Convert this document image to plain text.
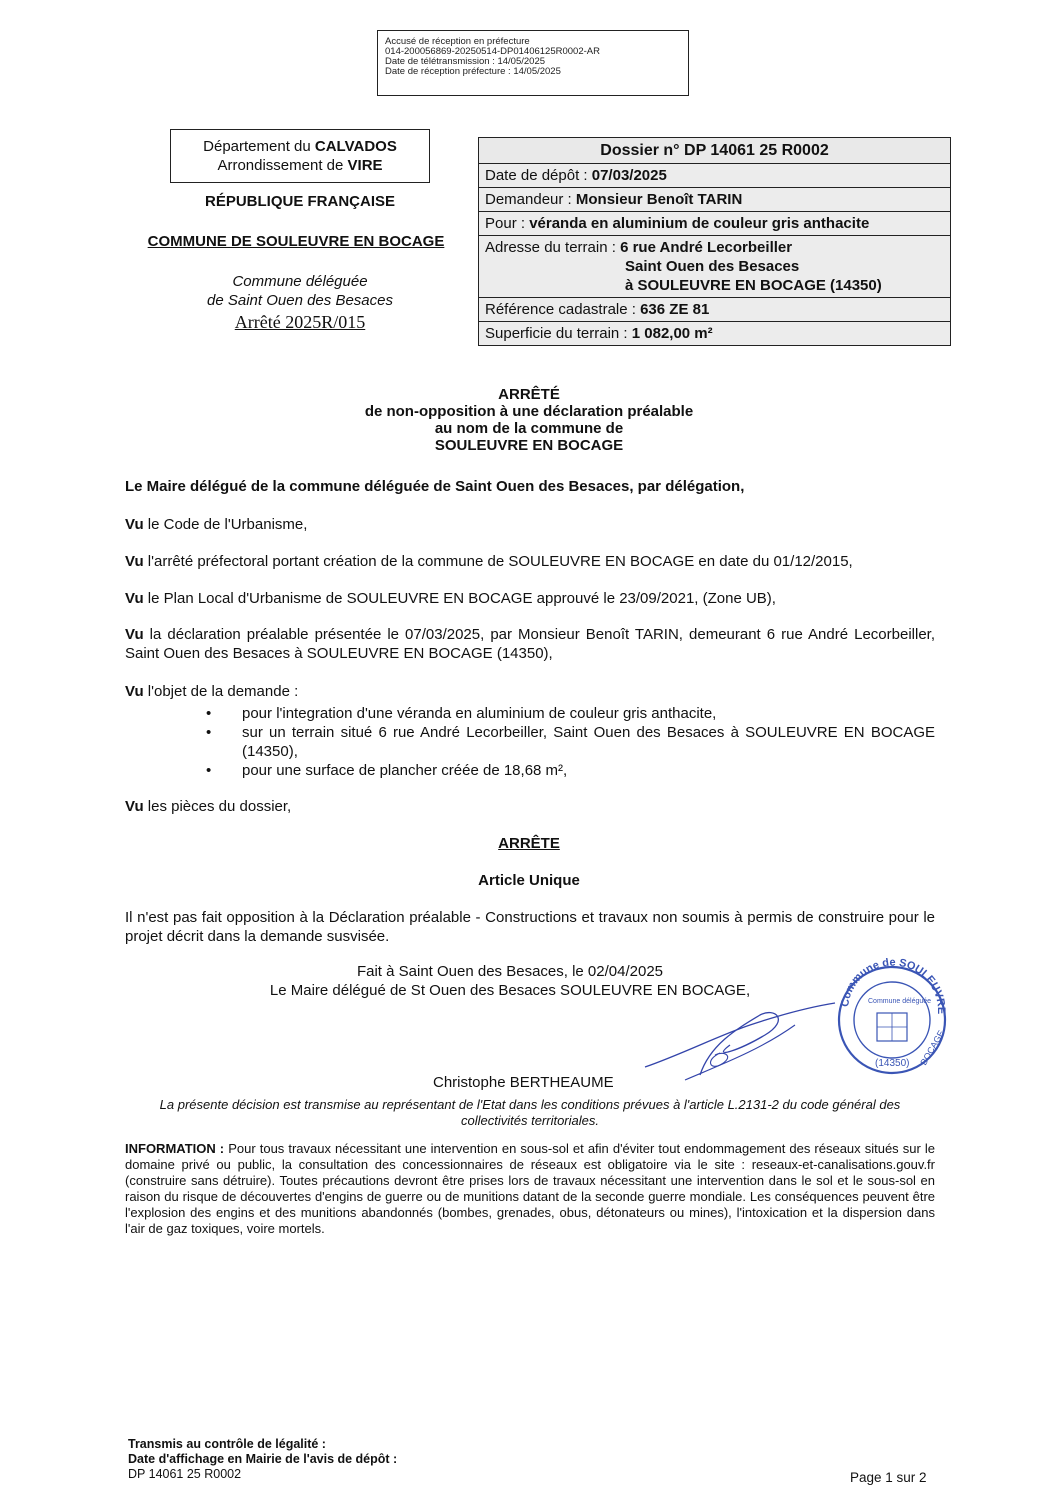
Accusé de réception en préfecture
014-200056869-20250514-DP01406125R0002-AR
Date de télétransmission : 14/05/2025
Date de réception préfecture : 14/05/2025
Département du CALVADOS
Arrondissement de VIRE
RÉPUBLIQUE FRANÇAISE
COMMUNE DE SOULEUVRE EN BOCAGE
Commune déléguée
de Saint Ouen des Besaces
Arrêté 2025R/015
Dossier n° DP 14061 25 R0002
Date de dépôt : 07/03/2025
Demandeur : Monsieur Benoît TARIN
Pour : véranda en aluminium de couleur gris anthacite
Adresse du terrain : 6 rue André Lecorbeiller
Saint Ouen des Besaces
à SOULEUVRE EN BOCAGE (14350)
Référence cadastrale : 636 ZE 81
Superficie du terrain : 1 082,00 m²
ARRÊTÉ
de non-opposition à une déclaration préalable
au nom de la commune de
SOULEUVRE EN BOCAGE
Le Maire délégué de la commune déléguée de Saint Ouen des Besaces, par délégation,
Vu le Code de l'Urbanisme,
Vu l'arrêté préfectoral portant création de la commune de SOULEUVRE EN BOCAGE en date du 01/12/2015,
Vu le Plan Local d'Urbanisme de SOULEUVRE EN BOCAGE approuvé le 23/09/2021, (Zone UB),
Vu la déclaration préalable présentée le 07/03/2025, par Monsieur Benoît TARIN, demeurant 6 rue André Lecorbeiller, Saint Ouen des Besaces à SOULEUVRE EN BOCAGE (14350),
Vu l'objet de la demande :
• pour l'integration d'une véranda en aluminium de couleur gris anthacite,
• sur un terrain situé 6 rue André Lecorbeiller, Saint Ouen des Besaces à SOULEUVRE EN BOCAGE (14350),
• pour une surface de plancher créée de 18,68 m²,
Vu les pièces du dossier,
ARRÊTE
Article Unique
Il n'est pas fait opposition à la Déclaration préalable - Constructions et travaux non soumis à permis de construire pour le projet décrit dans la demande susvisée.
Fait à Saint Ouen des Besaces, le 02/04/2025
Le Maire délégué de St Ouen des Besaces SOULEUVRE EN BOCAGE,
Christophe BERTHEAUME
Commune de SOULEUVRE
BOCAGE
Commune déléguée
(14350)
La présente décision est transmise au représentant de l'Etat dans les conditions prévues à l'article L.2131-2 du code général des collectivités territoriales.
INFORMATION : Pour tous travaux nécessitant une intervention en sous-sol et afin d'éviter tout endommagement des réseaux situés sur le domaine privé ou public, la consultation des concessionnaires de réseaux est obligatoire via le site : reseaux-et-canalisations.gouv.fr (construire sans détruire). Toutes précautions devront être prises lors de travaux nécessitant une intervention dans le sol et le sous-sol en raison du risque de découvertes d'engins de guerre ou de munitions datant de la seconde guerre mondiale. Les conséquences peuvent être l'explosion des engins et des munitions abandonnés (bombes, grenades, obus, détonateurs ou mines), l'intoxication et la dispersion dans l'air de gaz toxiques, voire mortels.
Transmis au contrôle de légalité :
Date d'affichage en Mairie de l'avis de dépôt :
DP 14061 25 R0002	Page 1 sur 2
